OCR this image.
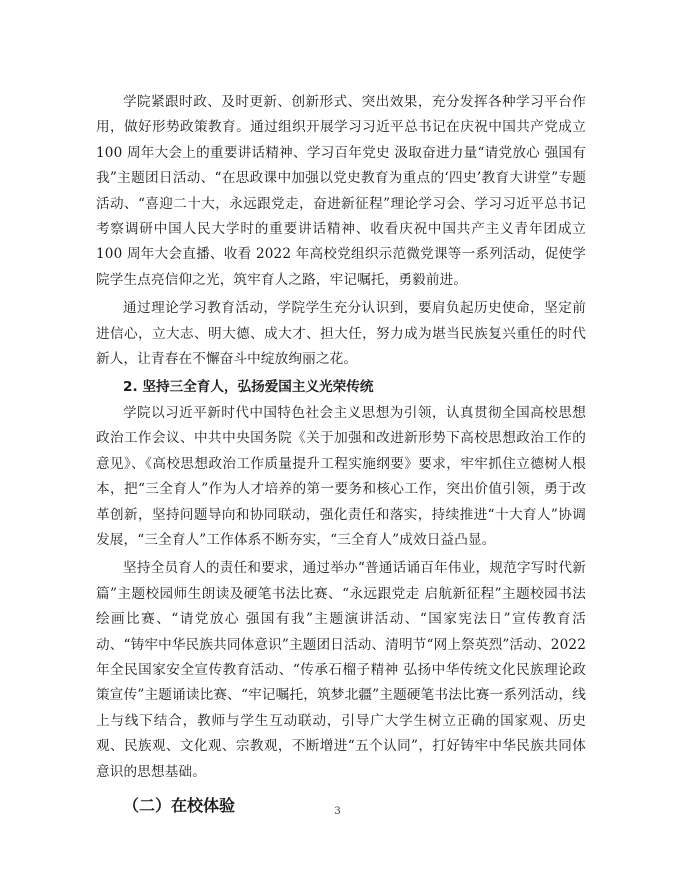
学院紧跟时政、及时更新、创新形式、突出效果，充分发挥各种学习平台作用，做好形势政策教育。通过组织开展学习习近平总书记在庆祝中国共产党成立 100 周年大会上的重要讲话精神、学习百年党史 汲取奋进力量“请党放心 强国有我”主题团日活动、“在思政课中加强以党史教育为重点的‘四史’教育大讲堂”专题活动、“喜迎二十大，永远跟党走，奋进新征程”理论学习会、学习习近平总书记考察调研中国人民大学时的重要讲话精神、收看庆祝中国共产主义青年团成立 100 周年大会直播、收看 2022 年高校党组织示范微党课等一系列活动，促使学院学生点亮信仰之光，筑牢育人之路，牢记嘱托，勇毅前进。

通过理论学习教育活动，学院学生充分认识到，要肩负起历史使命，坚定前进信心，立大志、明大德、成大才、担大任，努力成为堪当民族复兴重任的时代新人，让青春在不懈奋斗中绽放绚丽之花。

2. 坚持三全育人，弘扬爱国主义光荣传统

学院以习近平新时代中国特色社会主义思想为引领，认真贯彻全国高校思想政治工作会议、中共中央国务院《关于加强和改进新形势下高校思想政治工作的意见》、《高校思想政治工作质量提升工程实施纲要》要求，牢牢抓住立德树人根本，把“三全育人”作为人才培养的第一要务和核心工作，突出价值引领，勇于改革创新，坚持问题导向和协同联动，强化责任和落实，持续推进“十大育人”协调发展，“三全育人”工作体系不断夯实，“三全育人”成效日益凸显。

坚持全员育人的责任和要求，通过举办“普通话诵百年伟业，规范字写时代新篇”主题校园师生朗读及硬笔书法比赛、“永远跟党走 启航新征程”主题校园书法绘画比赛、“请党放心 强国有我”主题演讲活动、“国家宪法日”宣传教育活动、“铸牢中华民族共同体意识”主题团日活动、清明节“网上祭英烈”活动、2022 年全民国家安全宣传教育活动、“传承石榴子精神 弘扬中华传统文化民族理论政策宣传”主题诵读比赛、“牢记嘱托，筑梦北疆”主题硬笔书法比赛一系列活动，线上与线下结合，教师与学生互动联动，引导广大学生树立正确的国家观、历史观、民族观、文化观、宗教观，不断增进“五个认同”，打好铸牢中华民族共同体意识的思想基础。

（二）在校体验	3
